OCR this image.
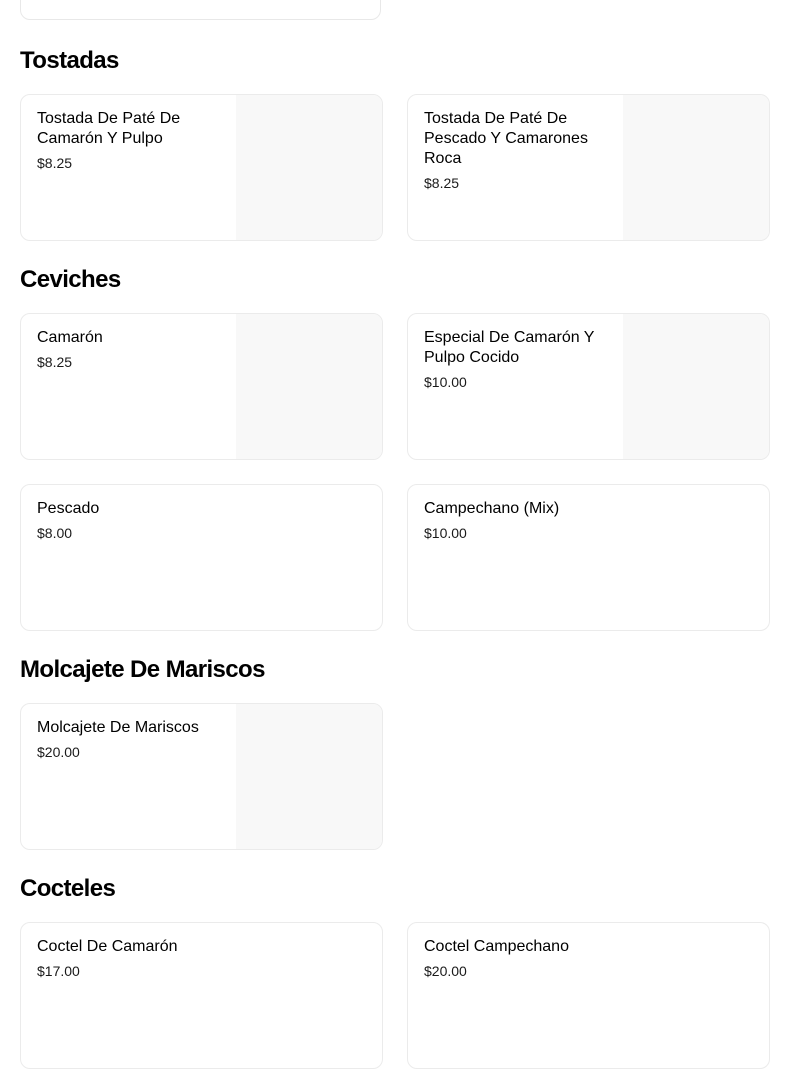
Tostadas
Tostada De Paté De Camarón Y Pulpo
$8.25
Tostada De Paté De Pescado Y Camarones Roca
$8.25
Ceviches
Camarón
$8.25
Especial De Camarón Y Pulpo Cocido
$10.00
Pescado
$8.00
Campechano (Mix)
$10.00
Molcajete De Mariscos
Molcajete De Mariscos
$20.00
Cocteles
Coctel De Camarón
$17.00
Coctel Campechano
$20.00
